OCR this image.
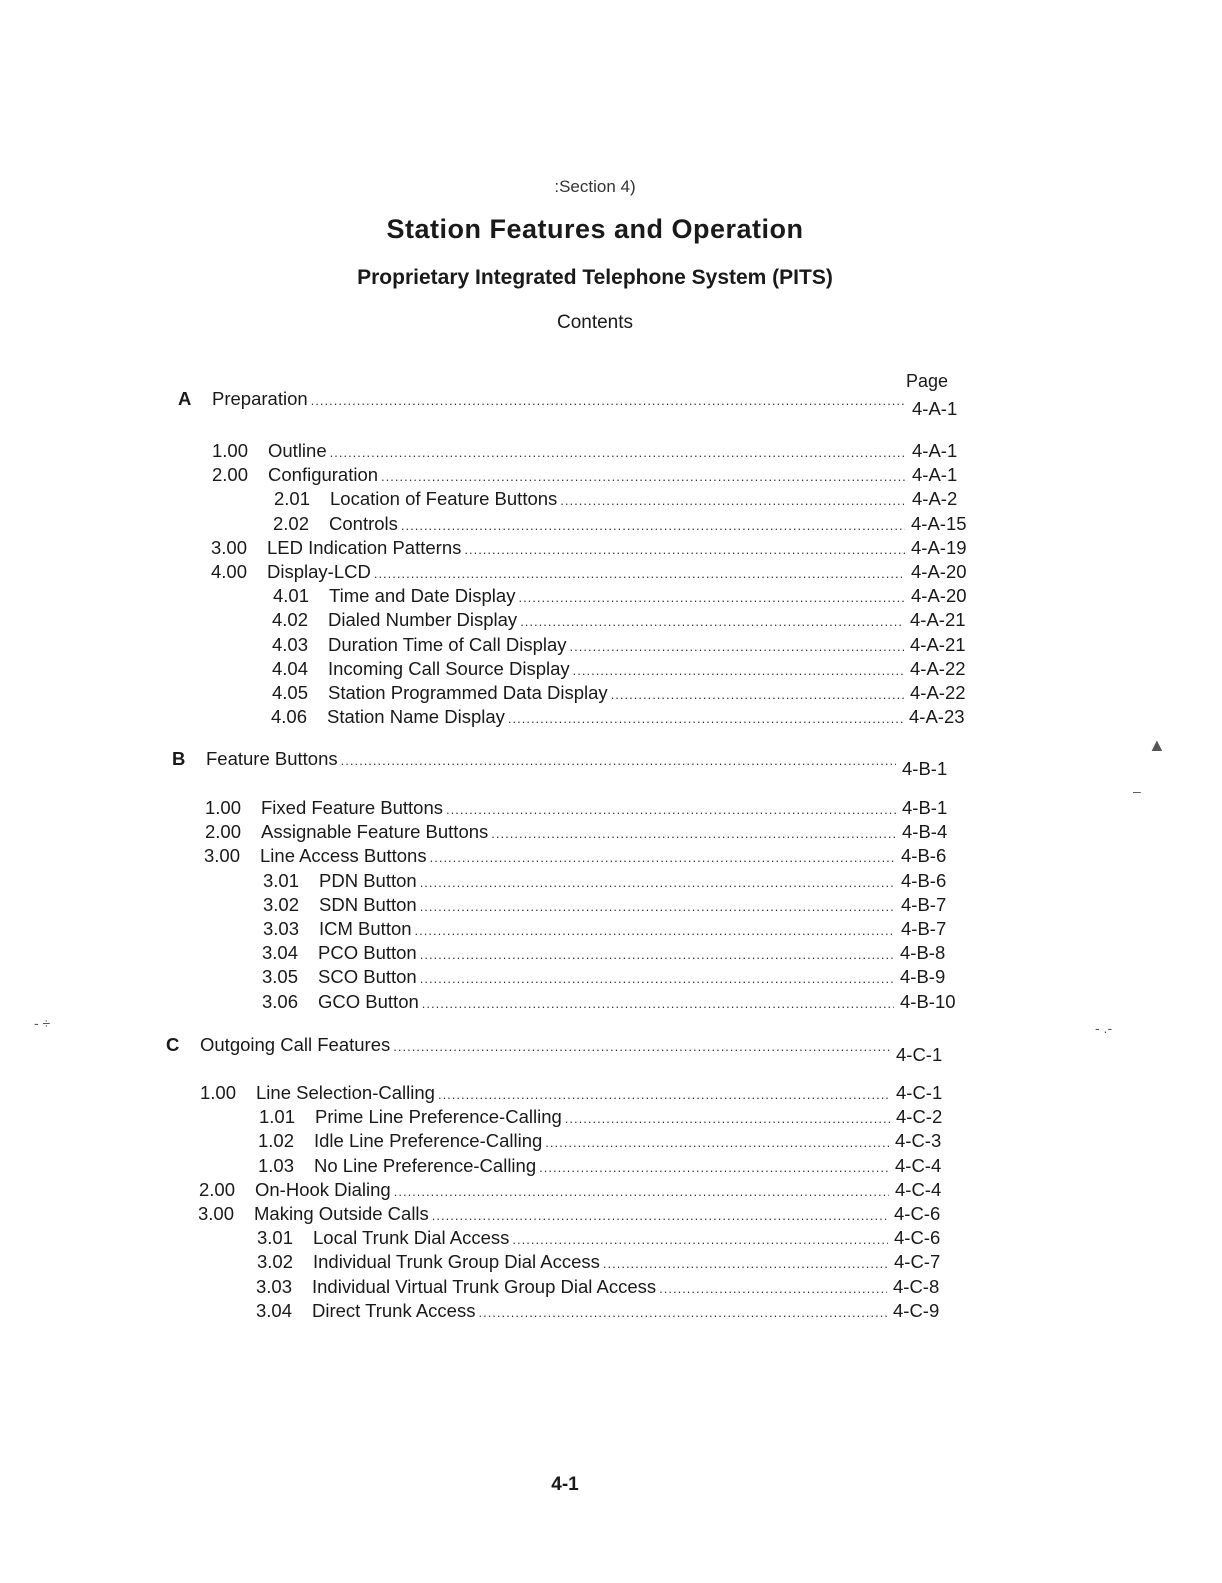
:Section 4)
Station Features and Operation
Proprietary Integrated Telephone System (PITS)
Contents
Page
A	Preparation .....	4-A-1
1.00	Outline .....	4-A-1
2.00	Configuration .....	4-A-1
2.01	Location of Feature Buttons .....	4-A-2
2.02	Controls .....	4-A-15
3.00	LED Indication Patterns .....	4-A-19
4.00	Display-LCD .....	4-A-20
4.01	Time and Date Display .....	4-A-20
4.02	Dialed Number Display .....	4-A-21
4.03	Duration Time of Call Display .....	4-A-21
4.04	Incoming Call Source Display .....	4-A-22
4.05	Station Programmed Data Display .....	4-A-22
4.06	Station Name Display .....	4-A-23
B	Feature Buttons .....	4-B-1
1.00	Fixed Feature Buttons .....	4-B-1
2.00	Assignable Feature Buttons .....	4-B-4
3.00	Line Access Buttons .....	4-B-6
3.01	PDN Button .....	4-B-6
3.02	SDN Button .....	4-B-7
3.03	ICM Button .....	4-B-7
3.04	PCO Button .....	4-B-8
3.05	SCO Button .....	4-B-9
3.06	GCO Button .....	4-B-10
C	Outgoing Call Features .....	4-C-1
1.00	Line Selection-Calling .....	4-C-1
1.01	Prime Line Preference-Calling .....	4-C-2
1.02	Idle Line Preference-Calling .....	4-C-3
1.03	No Line Preference-Calling .....	4-C-4
2.00	On-Hook Dialing .....	4-C-4
3.00	Making Outside Calls .....	4-C-6
3.01	Local Trunk Dial Access .....	4-C-6
3.02	Individual Trunk Group Dial Access .....	4-C-7
3.03	Individual Virtual Trunk Group Dial Access .....	4-C-8
3.04	Direct Trunk Access .....	4-C-9
4-1
▲
- ÷	- .-
–
